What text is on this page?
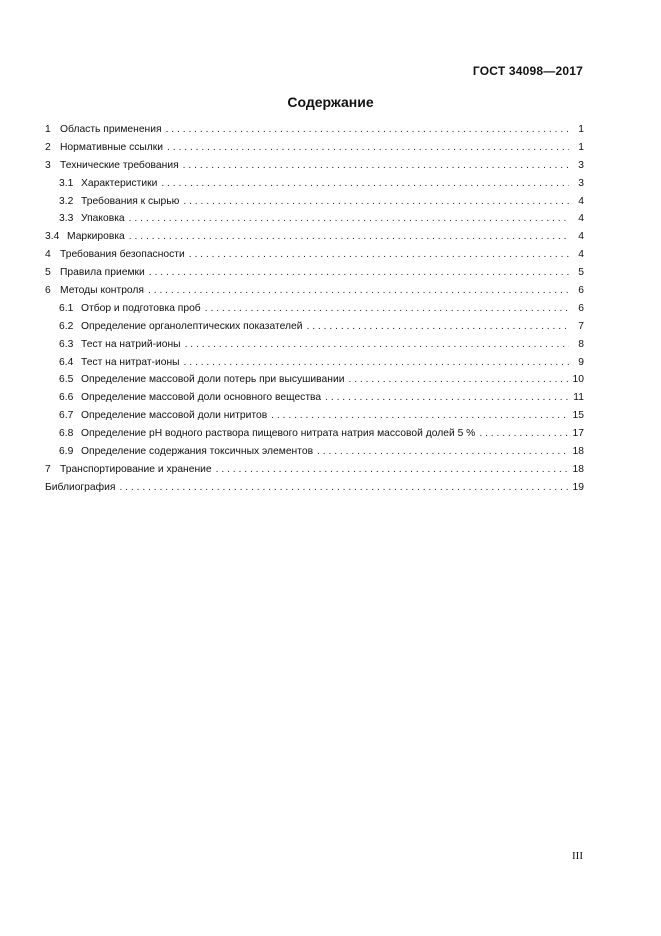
ГОСТ 34098—2017
Содержание
1 Область применения . . .	1
2 Нормативные ссылки . . .	1
3 Технические требования . . .	3
3.1 Характеристики . . .	3
3.2 Требования к сырью . . .	4
3.3 Упаковка . . .	4
3.4 Маркировка . . .	4
4 Требования безопасности . . .	4
5 Правила приемки . . .	5
6 Методы контроля . . .	6
6.1 Отбор и подготовка проб . . .	6
6.2 Определение органолептических показателей . . .	7
6.3 Тест на натрий-ионы . . .	8
6.4 Тест на нитрат-ионы . . .	9
6.5 Определение массовой доли потерь при высушивании . . .	10
6.6 Определение массовой доли основного вещества . . .	11
6.7 Определение массовой доли нитритов . . .	15
6.8 Определение pH водного раствора пищевого нитрата натрия массовой долей 5 % . . .	17
6.9 Определение содержания токсичных элементов . . .	18
7 Транспортирование и хранение . . .	18
Библиография . . .	19
III
